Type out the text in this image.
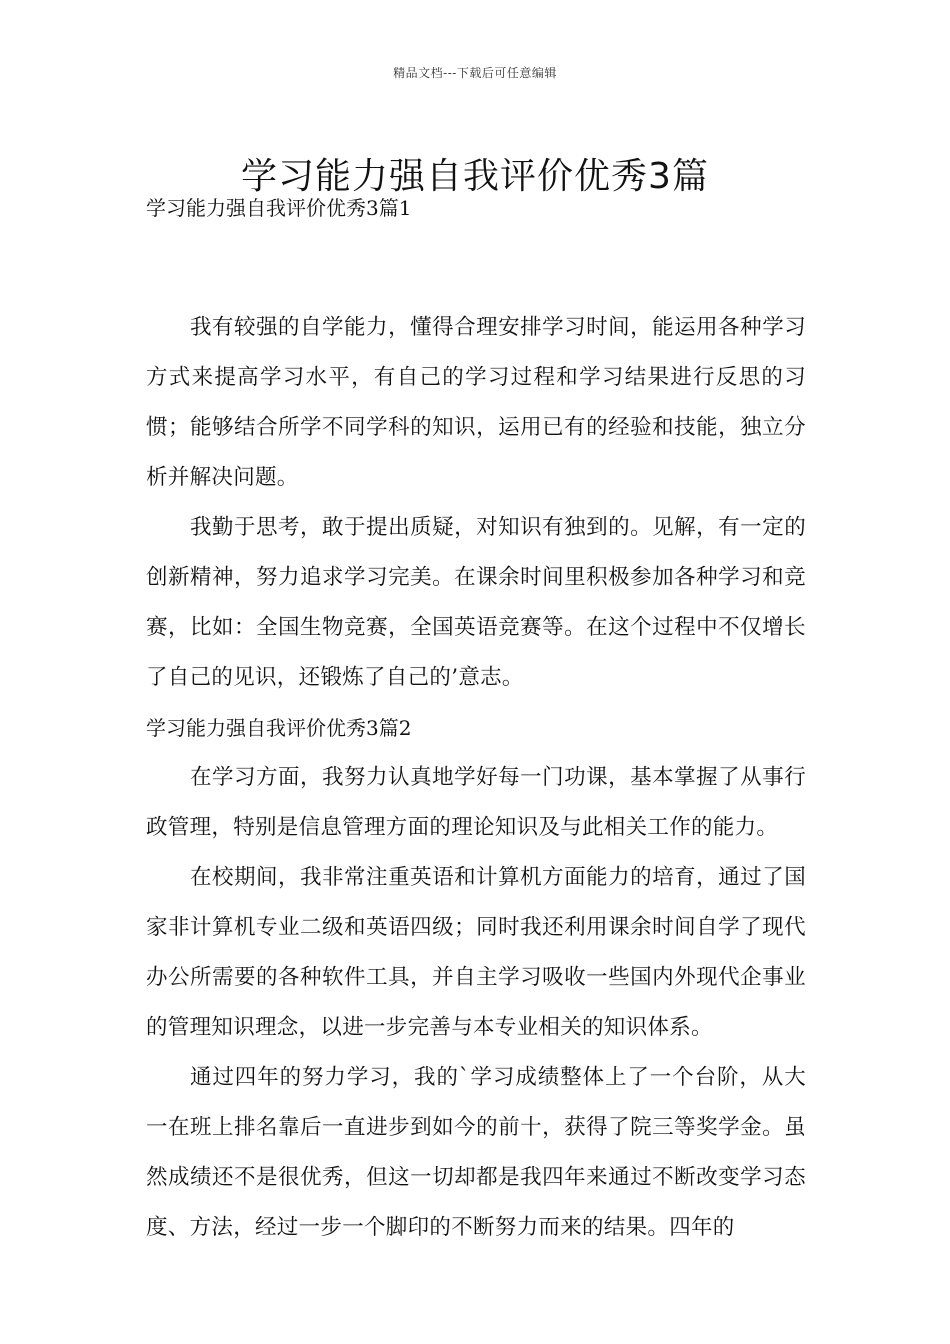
精品文档---下载后可任意编辑
学习能力强自我评价优秀3篇

学习能力强自我评价优秀3篇1

我有较强的自学能力，懂得合理安排学习时间，能运用各种学习方式来提高学习水平，有自己的学习过程和学习结果进行反思的习惯；能够结合所学不同学科的知识，运用已有的经验和技能，独立分析并解决问题。

我勤于思考，敢于提出质疑，对知识有独到的。见解，有一定的创新精神，努力追求学习完美。在课余时间里积极参加各种学习和竞赛，比如：全国生物竞赛，全国英语竞赛等。在这个过程中不仅增长了自己的见识，还锻炼了自己的’意志。

学习能力强自我评价优秀3篇2

在学习方面，我努力认真地学好每一门功课，基本掌握了从事行政管理，特别是信息管理方面的理论知识及与此相关工作的能力。

在校期间，我非常注重英语和计算机方面能力的培育，通过了国家非计算机专业二级和英语四级；同时我还利用课余时间自学了现代办公所需要的各种软件工具，并自主学习吸收一些国内外现代企事业的管理知识理念，以进一步完善与本专业相关的知识体系。

通过四年的努力学习，我的`学习成绩整体上了一个台阶，从大一在班上排名靠后一直进步到如今的前十，获得了院三等奖学金。虽然成绩还不是很优秀，但这一切却都是我四年来通过不断改变学习态度、方法，经过一步一个脚印的不断努力而来的结果。四年的
